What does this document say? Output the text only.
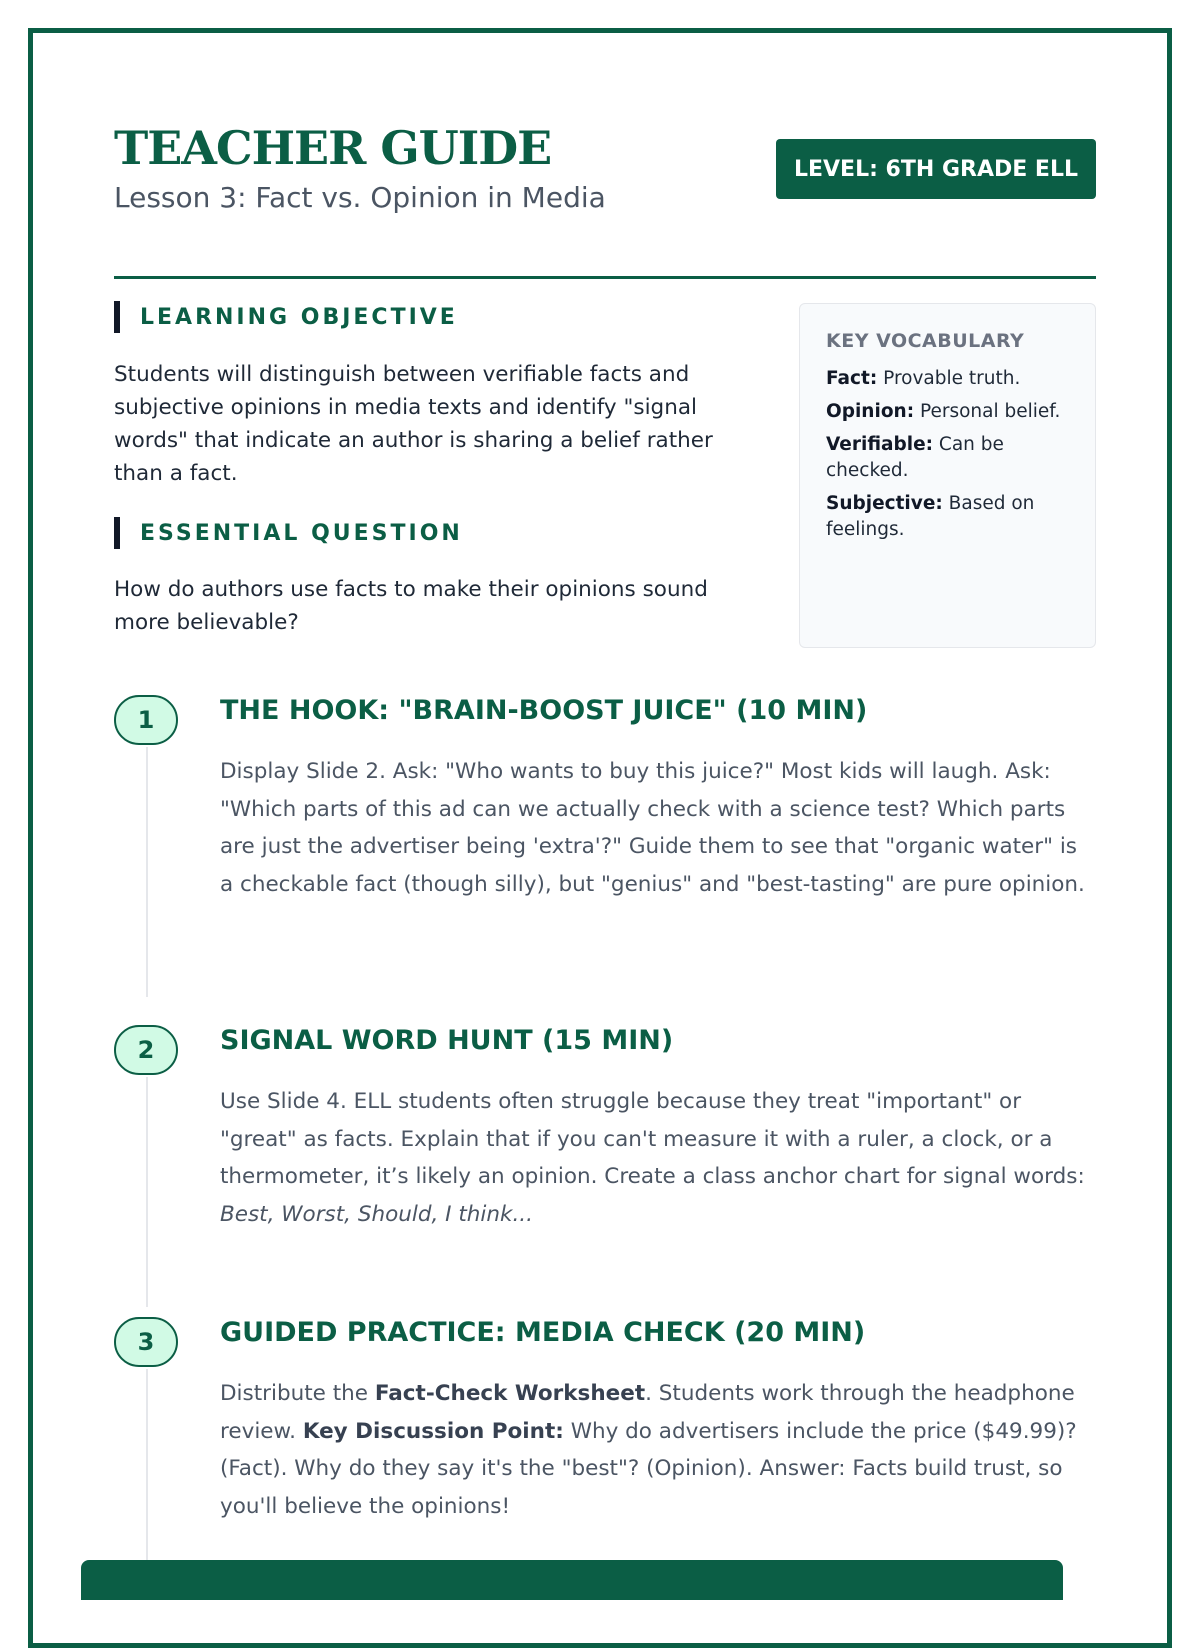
TEACHER GUIDE
Lesson 3: Fact vs. Opinion in Media
LEVEL: 6TH GRADE ELL
LEARNING OBJECTIVE

Students will distinguish between verifiable facts and subjective opinions in media texts and identify "signal words" that indicate an author is sharing a belief rather than a fact.

ESSENTIAL QUESTION

How do authors use facts to make their opinions sound more believable?

KEY VOCABULARY
Fact: Provable truth.
Opinion: Personal belief.
Verifiable: Can be checked.
Subjective: Based on feelings.
1	THE HOOK: "BRAIN-BOOST JUICE" (10 MIN)

Display Slide 2. Ask: "Who wants to buy this juice?" Most kids will laugh. Ask: "Which parts of this ad can we actually check with a science test? Which parts are just the advertiser being 'extra'?" Guide them to see that "organic water" is a checkable fact (though silly), but "genius" and "best-tasting" are pure opinion.

2	SIGNAL WORD HUNT (15 MIN)

Use Slide 4. ELL students often struggle because they treat "important" or "great" as facts. Explain that if you can't measure it with a ruler, a clock, or a thermometer, it’s likely an opinion. Create a class anchor chart for signal words: Best, Worst, Should, I think...

3	GUIDED PRACTICE: MEDIA CHECK (20 MIN)

Distribute the Fact-Check Worksheet. Students work through the headphone review. Key Discussion Point: Why do advertisers include the price ($49.99)? (Fact). Why do they say it's the "best"? (Opinion). Answer: Facts build trust, so you'll believe the opinions!
